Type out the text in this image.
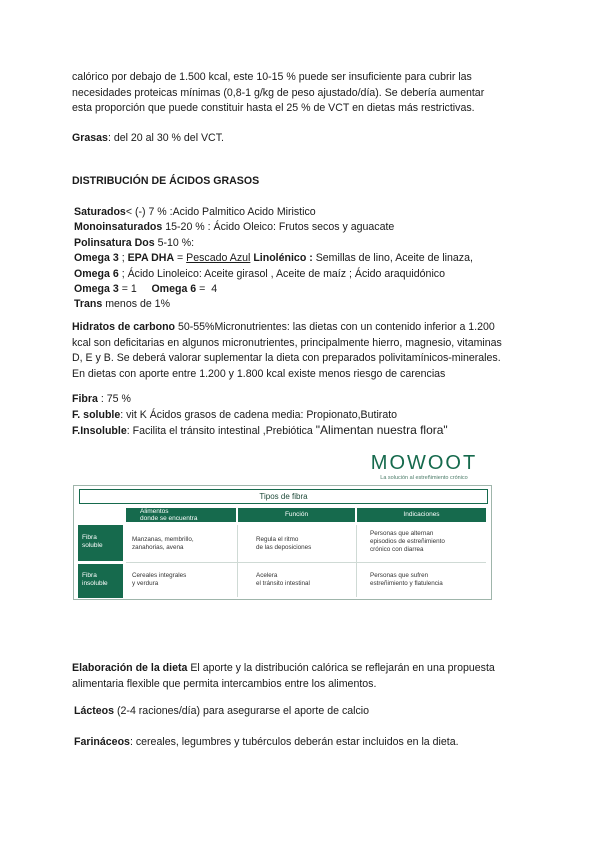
calórico por debajo de 1.500 kcal, este 10-15 % puede ser insuficiente para cubrir las
necesidades proteicas mínimas (0,8-1 g/kg de peso ajustado/día). Se debería aumentar
esta proporción que puede constituir hasta el 25 % de VCT en dietas más restrictivas.
Grasas: del 20 al 30 % del VCT.
DISTRIBUCIÓN DE ÁCIDOS GRASOS
Saturados< (-) 7 % :Acido Palmitico Acido Miristico
Monoinsaturados 15-20 % : Ácido Oleico: Frutos secos y aguacate
Polinsatura Dos 5-10 %:
Omega 3 ; EPA DHA = Pescado Azul Linolénico : Semillas de lino, Aceite de linaza,
Omega 6 ; Ácido Linoleico: Aceite girasol , Aceite de maíz ; Ácido araquidónico
Omega 3 = 1     Omega 6 =  4
Trans menos de 1%
Hidratos de carbono 50-55%Micronutrientes: las dietas con un contenido inferior a 1.200
kcal son deficitarias en algunos micronutrientes, principalmente hierro, magnesio, vitaminas
D, E y B. Se deberá valorar suplementar la dieta con preparados polivitamínicos-minerales.
En dietas con aporte entre 1.200 y 1.800 kcal existe menos riesgo de carencias
Fibra : 75 %
F. soluble: vit K Ácidos grasos de cadena media: Propionato,Butirato
F.Insoluble: Facilita el tránsito intestinal ,Prebiótica "Alimentan nuestra flora"
MOWOOT
La solución al estreñimiento crónico
Tipos de fibra
Alimentos
donde se encuentra
Función	Indicaciones
Fibra
soluble
Manzanas, membrillo,
zanahorias, avena
Regula el ritmo
de las deposiciones
Personas que alternan
episodios de estreñimiento
crónico con diarrea
Fibra
insoluble
Cereales integrales
y verdura
Acelera
el tránsito intestinal
Personas que sufren
estreñimiento y flatulencia
Elaboración de la dieta El aporte y la distribución calórica se reflejarán en una propuesta
alimentaria flexible que permita intercambios entre los alimentos.
Lácteos (2-4 raciones/día) para asegurarse el aporte de calcio
Farináceos: cereales, legumbres y tubérculos deberán estar incluidos en la dieta.
